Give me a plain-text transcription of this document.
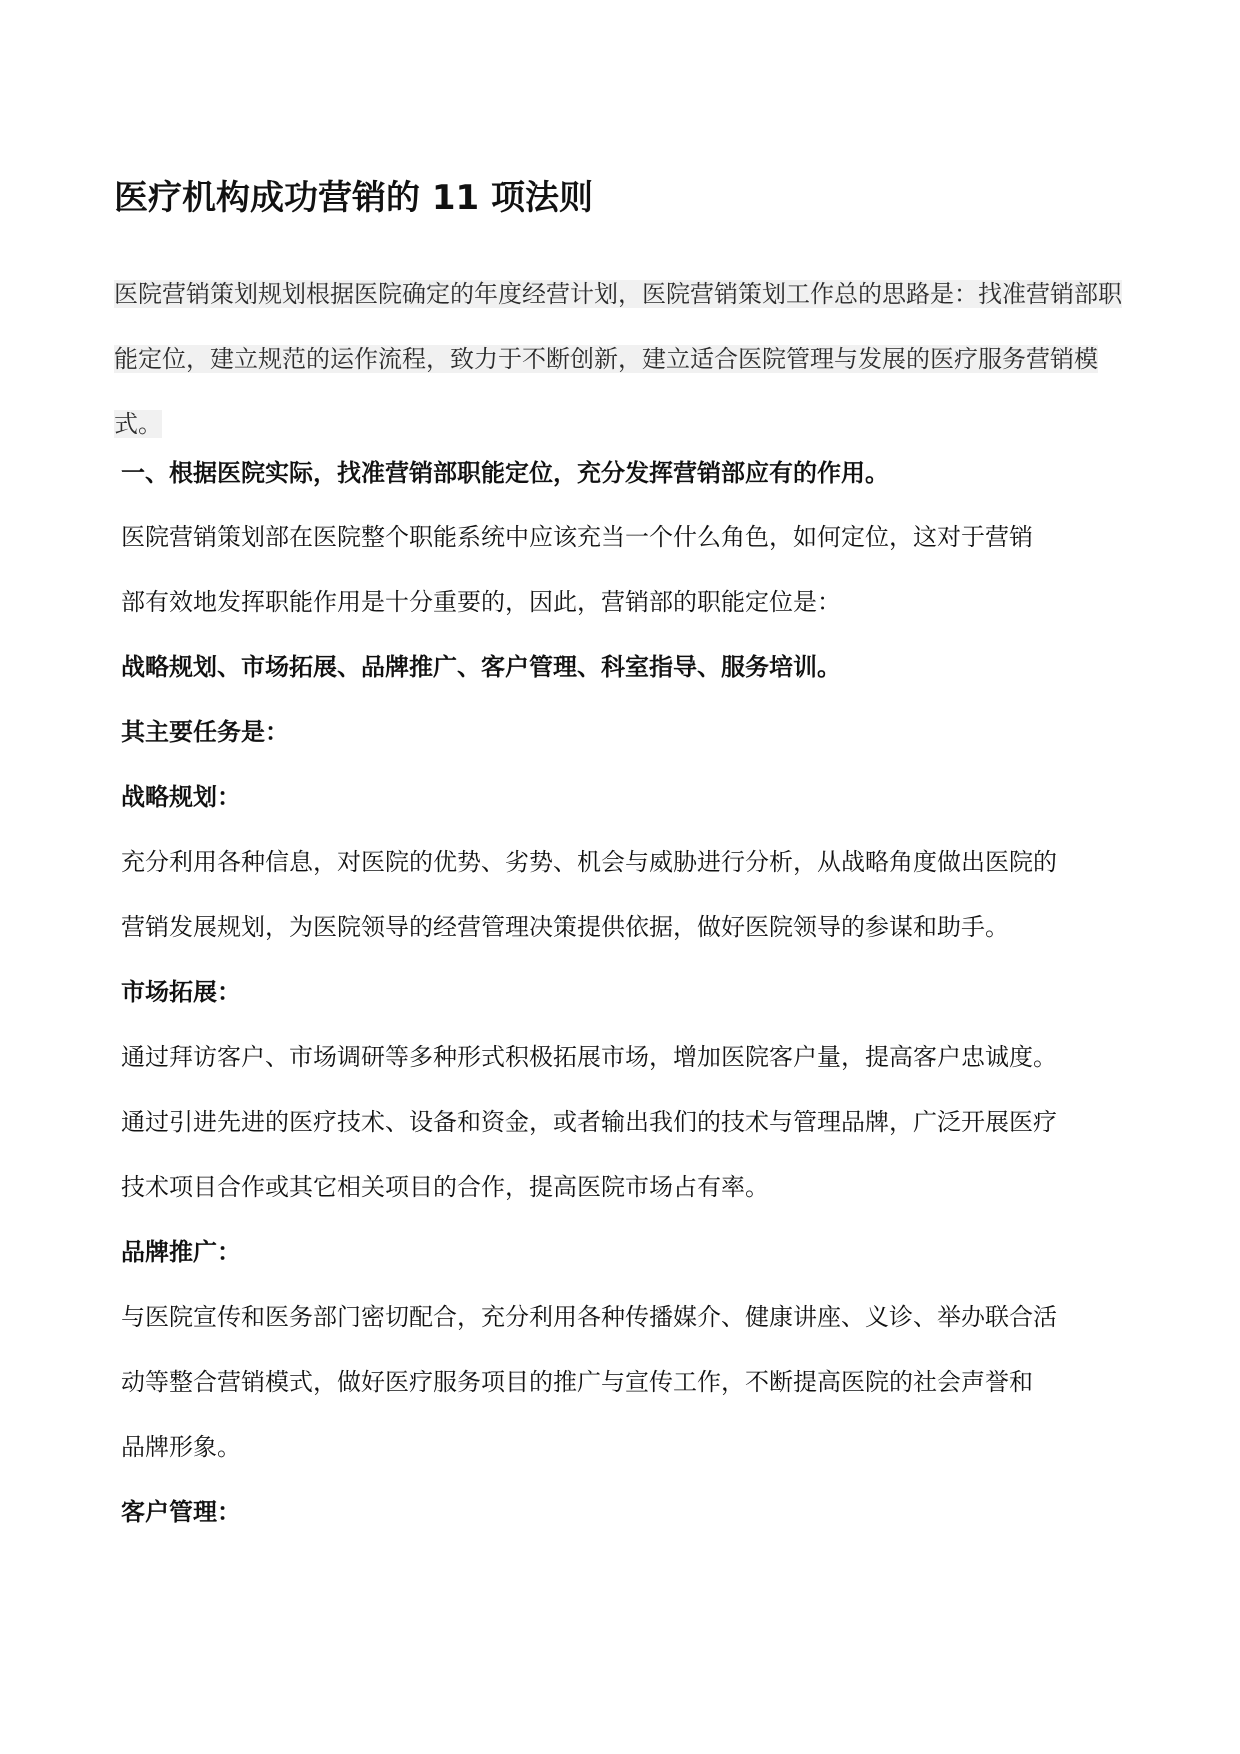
医疗机构成功营销的 11 项法则
医院营销策划规划根据医院确定的年度经营计划，医院营销策划工作总的思路是：找准营销部职能定位，建立规范的运作流程，致力于不断创新，建立适合医院管理与发展的医疗服务营销模式。
一、根据医院实际，找准营销部职能定位，充分发挥营销部应有的作用。
医院营销策划部在医院整个职能系统中应该充当一个什么角色，如何定位，这对于营销
部有效地发挥职能作用是十分重要的，因此，营销部的职能定位是：
战略规划、市场拓展、品牌推广、客户管理、科室指导、服务培训。
其主要任务是：
战略规划：
充分利用各种信息，对医院的优势、劣势、机会与威胁进行分析，从战略角度做出医院的
营销发展规划，为医院领导的经营管理决策提供依据，做好医院领导的参谋和助手。
市场拓展：
通过拜访客户、市场调研等多种形式积极拓展市场，增加医院客户量，提高客户忠诚度。
通过引进先进的医疗技术、设备和资金，或者输出我们的技术与管理品牌，广泛开展医疗
技术项目合作或其它相关项目的合作，提高医院市场占有率。
品牌推广：
与医院宣传和医务部门密切配合，充分利用各种传播媒介、健康讲座、义诊、举办联合活
动等整合营销模式，做好医疗服务项目的推广与宣传工作，不断提高医院的社会声誉和
品牌形象。
客户管理：
